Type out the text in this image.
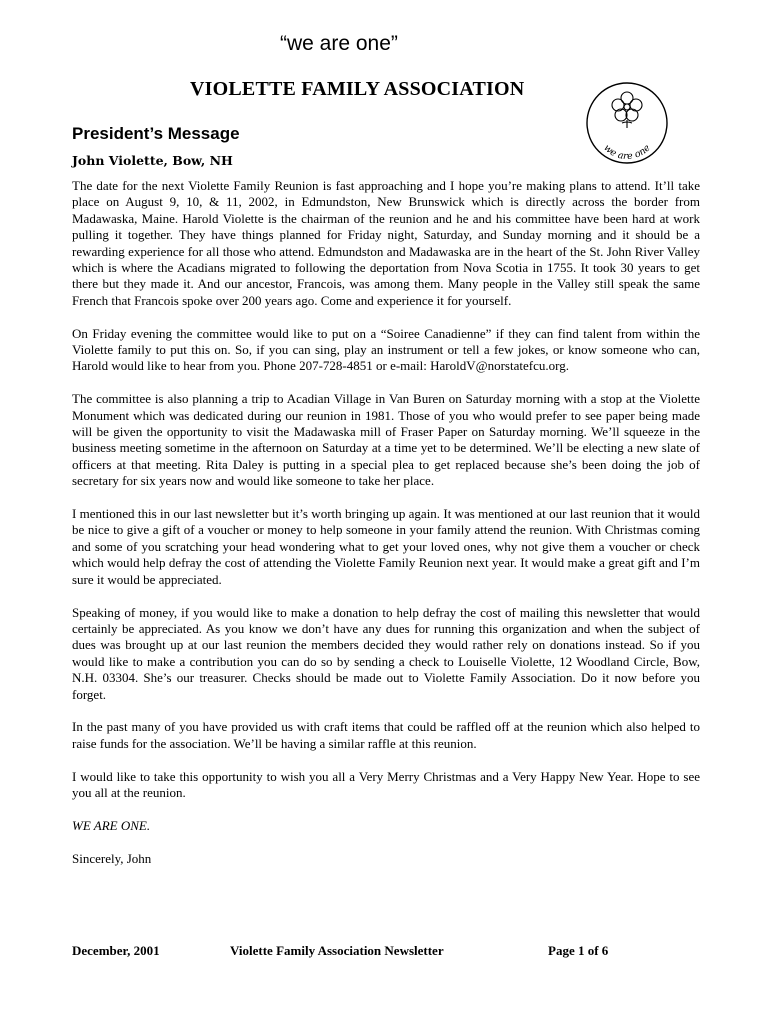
“we are one”
VIOLETTE FAMILY ASSOCIATION
we are one
President’s Message
John Violette, Bow, NH

The date for the next Violette Family Reunion is fast approaching and I hope you’re making plans to attend. It’ll take place on August 9, 10, & 11, 2002, in Edmundston, New Brunswick which is directly across the border from Madawaska, Maine. Harold Violette is the chairman of the reunion and he and his committee have been hard at work pulling it together. They have things planned for Friday night, Saturday, and Sunday morning and it should be a rewarding experience for all those who attend. Edmundston and Madawaska are in the heart of the St. John River Valley which is where the Acadians migrated to following the deportation from Nova Scotia in 1755. It took 30 years to get there but they made it. And our ancestor, Francois, was among them. Many people in the Valley still speak the same French that Francois spoke over 200 years ago. Come and experience it for yourself.

On Friday evening the committee would like to put on a “Soiree Canadienne” if they can find talent from within the Violette family to put this on. So, if you can sing, play an instrument or tell a few jokes, or know someone who can, Harold would like to hear from you. Phone 207-728-4851 or e-mail: HaroldV@norstatefcu.org.

The committee is also planning a trip to Acadian Village in Van Buren on Saturday morning with a stop at the Violette Monument which was dedicated during our reunion in 1981. Those of you who would prefer to see paper being made will be given the opportunity to visit the Madawaska mill of Fraser Paper on Saturday morning. We’ll squeeze in the business meeting sometime in the afternoon on Saturday at a time yet to be determined. We’ll be electing a new slate of officers at that meeting. Rita Daley is putting in a special plea to get replaced because she’s been doing the job of secretary for six years now and would like someone to take her place.

I mentioned this in our last newsletter but it’s worth bringing up again. It was mentioned at our last reunion that it would be nice to give a gift of a voucher or money to help someone in your family attend the reunion. With Christmas coming and some of you scratching your head wondering what to get your loved ones, why not give them a voucher or check which would help defray the cost of attending the Violette Family Reunion next year. It would make a great gift and I’m sure it would be appreciated.

Speaking of money, if you would like to make a donation to help defray the cost of mailing this newsletter that would certainly be appreciated. As you know we don’t have any dues for running this organization and when the subject of dues was brought up at our last reunion the members decided they would rather rely on donations instead. So if you would like to make a contribution you can do so by sending a check to Louiselle Violette, 12 Woodland Circle, Bow, N.H. 03304. She’s our treasurer. Checks should be made out to Violette Family Association. Do it now before you forget.

In the past many of you have provided us with craft items that could be raffled off at the reunion which also helped to raise funds for the association. We’ll be having a similar raffle at this reunion.

I would like to take this opportunity to wish you all a Very Merry Christmas and a Very Happy New Year. Hope to see you all at the reunion.

WE ARE ONE.

Sincerely, John

December, 2001	Violette Family Association Newsletter	Page 1 of 6
